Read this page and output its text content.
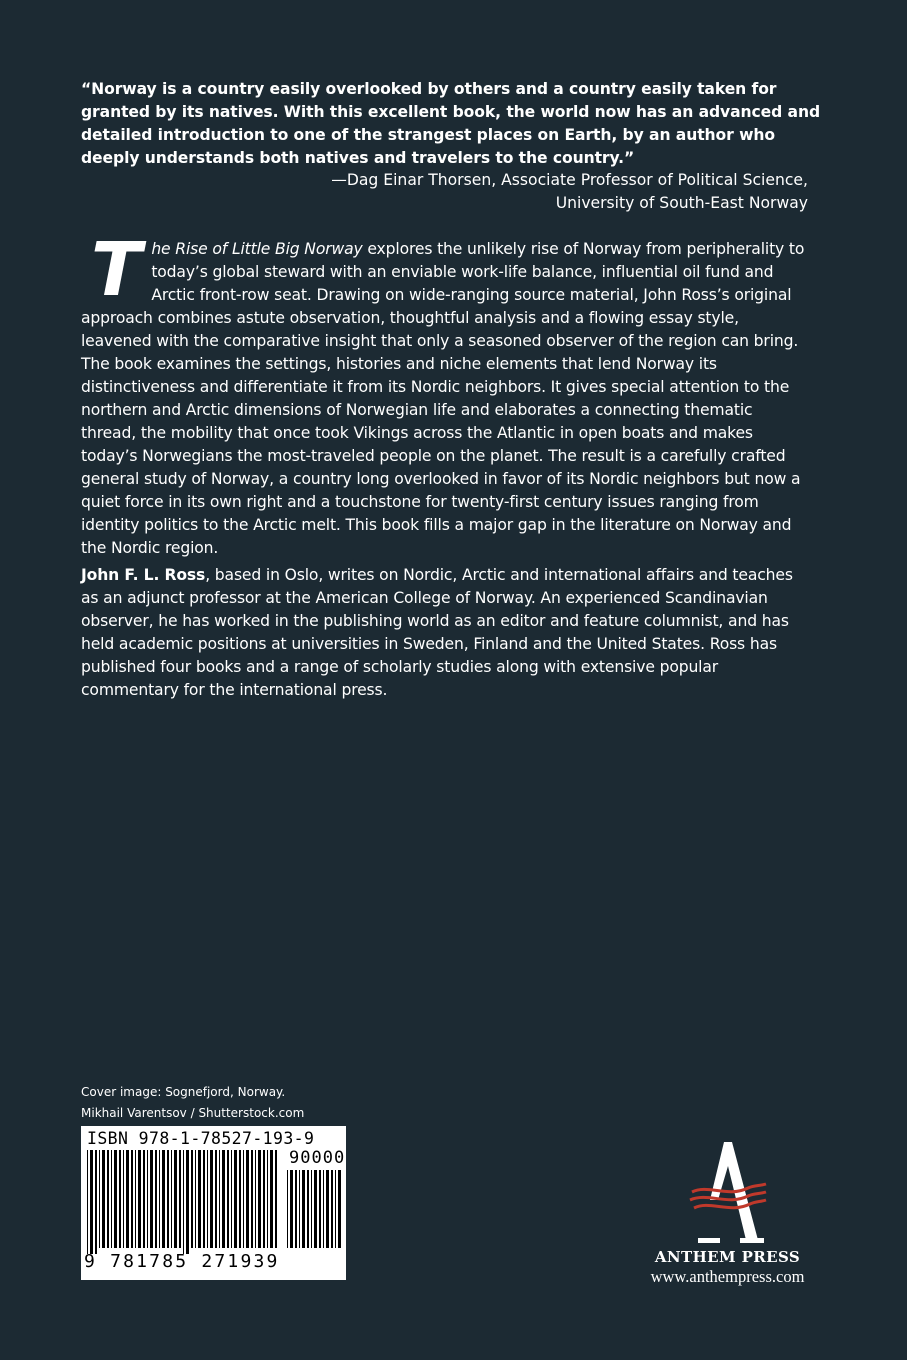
“Norway is a country easily overlooked by others and a country easily taken for granted by its natives. With this excellent book, the world now has an advanced and detailed introduction to one of the strangest places on Earth, by an author who deeply understands both natives and travelers to the country.”

—Dag Einar Thorsen, Associate Professor of Political Science,
University of South-East Norway

The Rise of Little Big Norway explores the unlikely rise of Norway from peripherality to today’s global steward with an enviable work-life balance, influential oil fund and Arctic front-row seat. Drawing on wide-ranging source material, John Ross’s original approach combines astute observation, thoughtful analysis and a flowing essay style, leavened with the comparative insight that only a seasoned observer of the region can bring. The book examines the settings, histories and niche elements that lend Norway its distinctiveness and differentiate it from its Nordic neighbors. It gives special attention to the northern and Arctic dimensions of Norwegian life and elaborates a connecting thematic thread, the mobility that once took Vikings across the Atlantic in open boats and makes today’s Norwegians the most-traveled people on the planet. The result is a carefully crafted general study of Norway, a country long overlooked in favor of its Nordic neighbors but now a quiet force in its own right and a touchstone for twenty-first century issues ranging from identity politics to the Arctic melt. This book fills a major gap in the literature on Norway and the Nordic region.

John F. L. Ross, based in Oslo, writes on Nordic, Arctic and international affairs and teaches as an adjunct professor at the American College of Norway. An experienced Scandinavian observer, he has worked in the publishing world as an editor and feature columnist, and has held academic positions at universities in Sweden, Finland and the United States. Ross has published four books and a range of scholarly studies along with extensive popular commentary for the international press.

Cover image: Sognefjord, Norway.
Mikhail Varentsov / Shutterstock.com
ISBN 978-1-78527-193-9
90000
9 781785 271939	ANTHEM PRESS
www.anthempress.com
